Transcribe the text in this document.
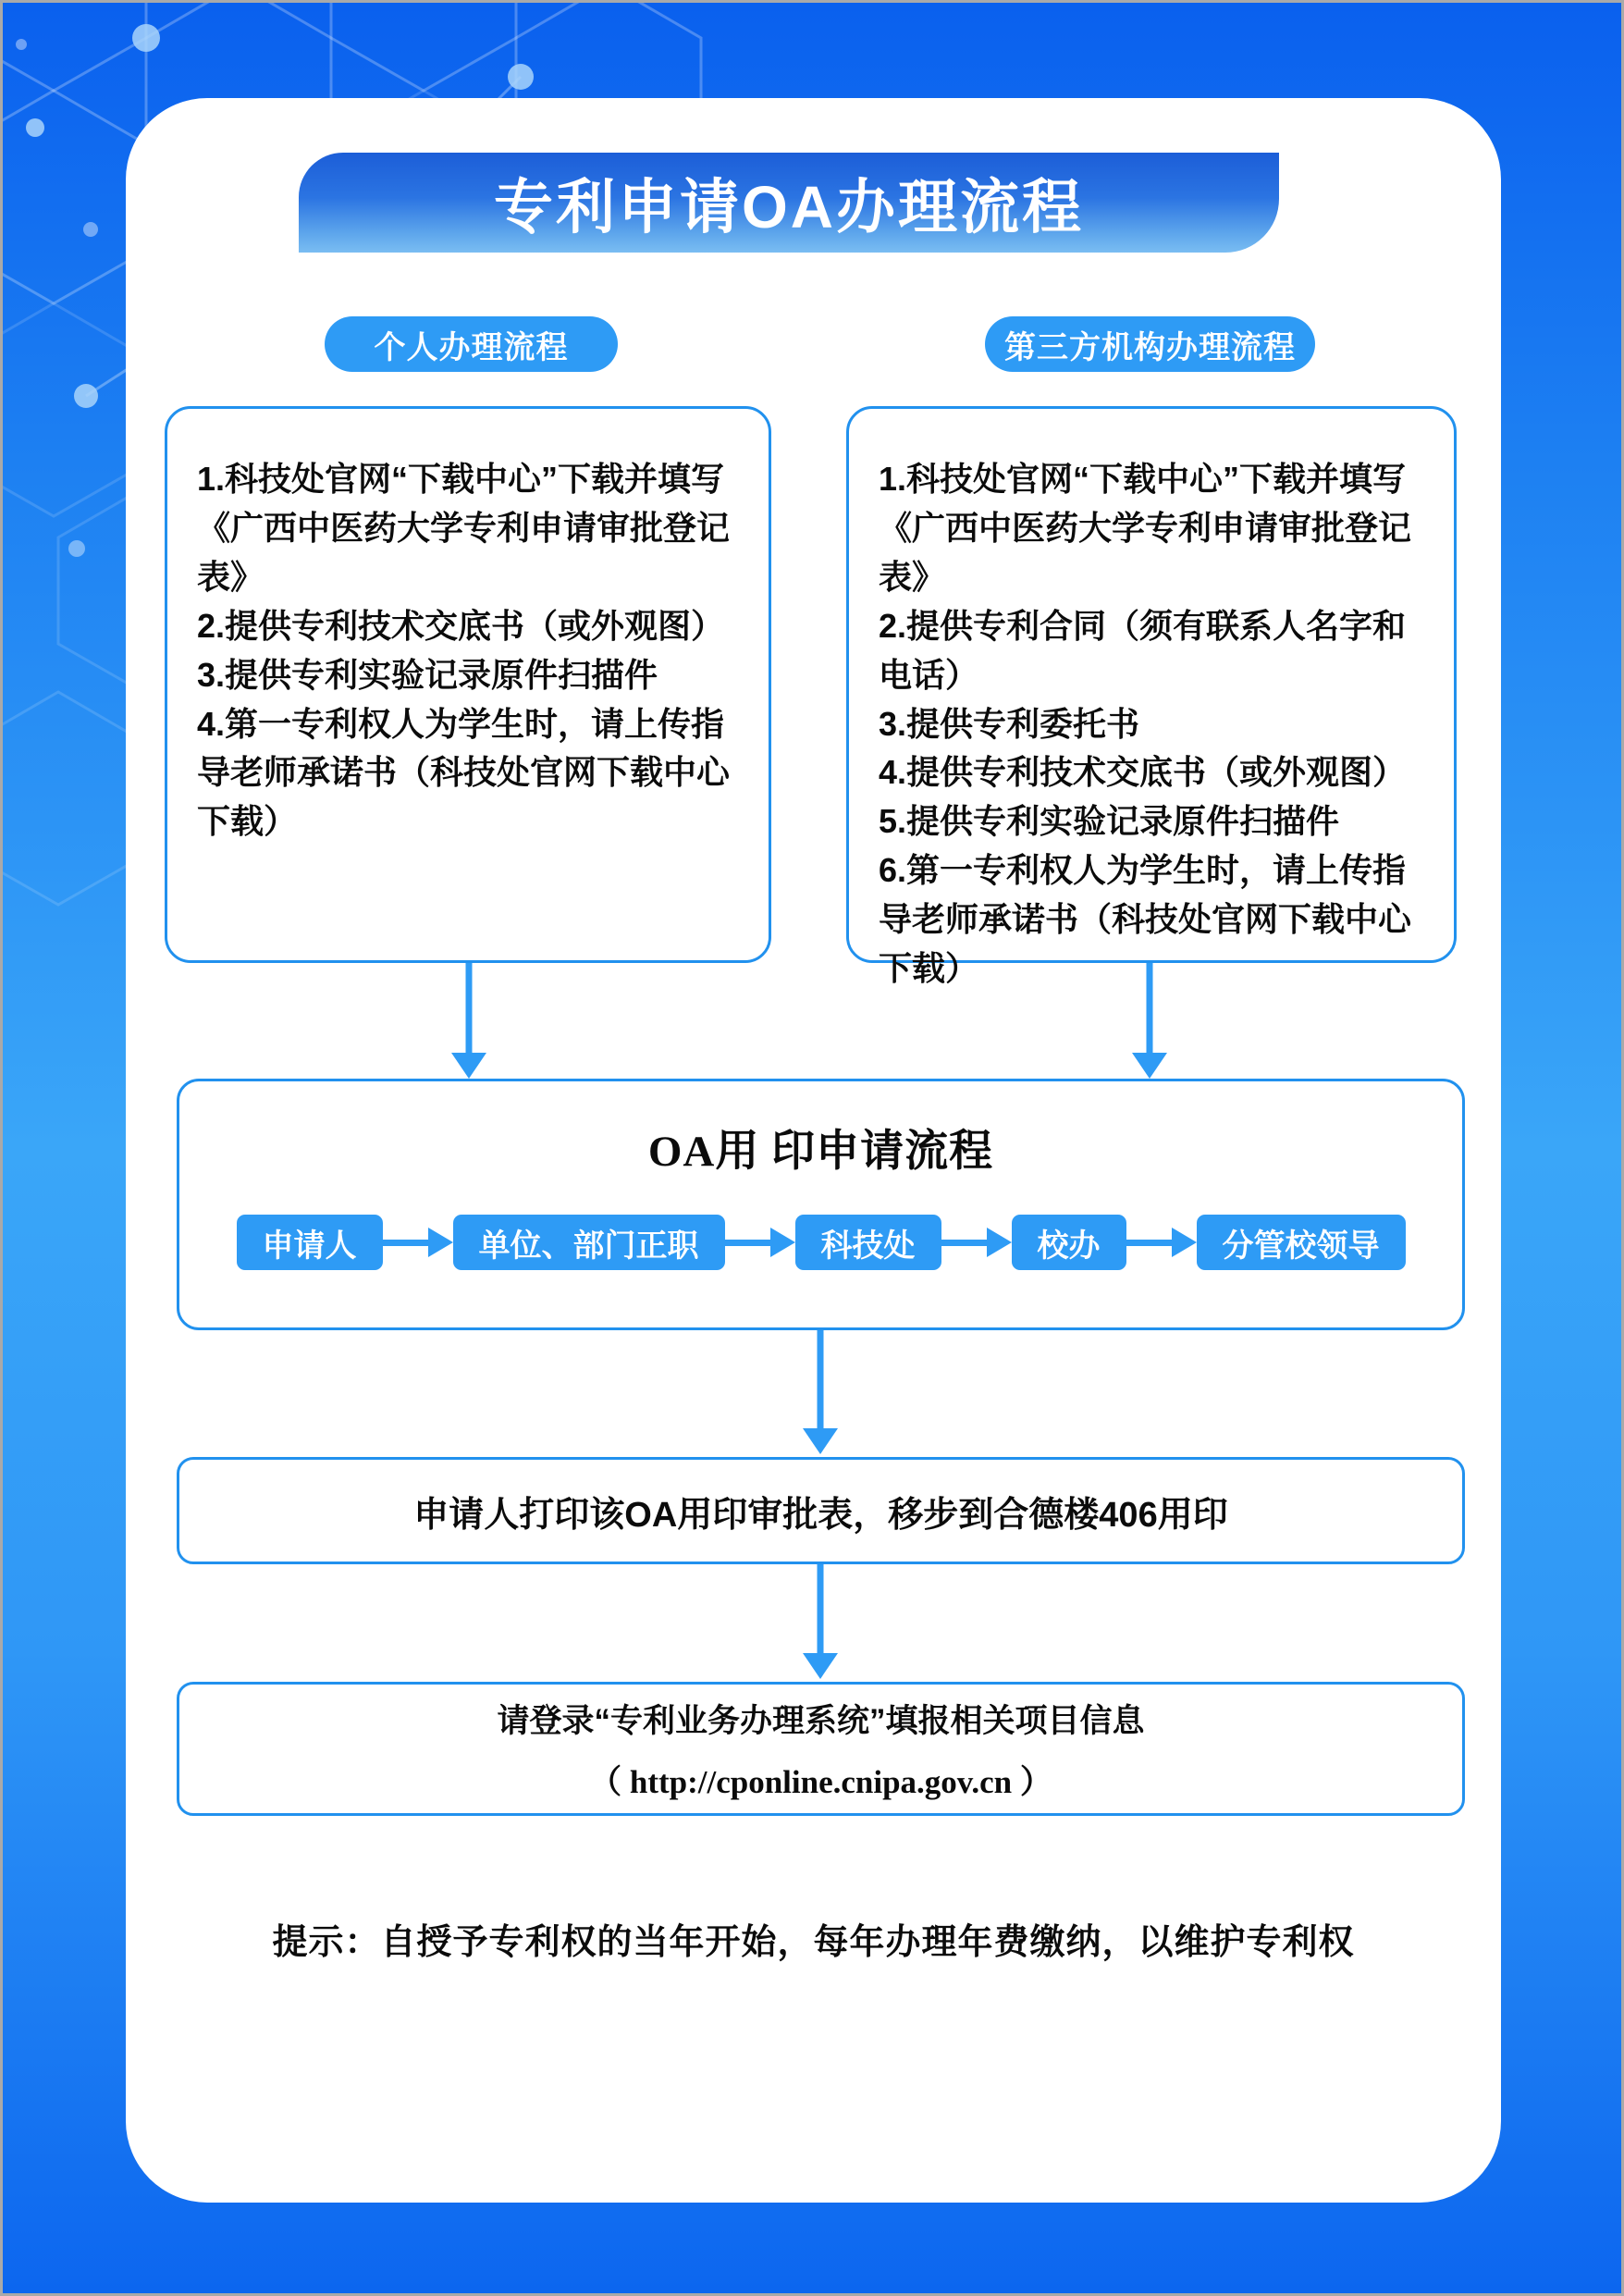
专利申请OA办理流程
个人办理流程	第三方机构办理流程
1.科技处官网“下载中心”下载并填写《广西中医药大学专利申请审批登记表》
2.提供专利技术交底书（或外观图）
3.提供专利实验记录原件扫描件
4.第一专利权人为学生时，请上传指导老师承诺书（科技处官网下载中心下载）
1.科技处官网“下载中心”下载并填写《广西中医药大学专利申请审批登记表》
2.提供专利合同（须有联系人名字和电话）
3.提供专利委托书
4.提供专利技术交底书（或外观图）
5.提供专利实验记录原件扫描件
6.第一专利权人为学生时，请上传指导老师承诺书（科技处官网下载中心下载）
OA用 印申请流程
申请人	单位、部门正职	科技处	校办	分管校领导
申请人打印该OA用印审批表，移步到合德楼406用印
请登录“专利业务办理系统”填报相关项目信息
（ http://cponline.cnipa.gov.cn ）
提示：自授予专利权的当年开始，每年办理年费缴纳，以维护专利权
